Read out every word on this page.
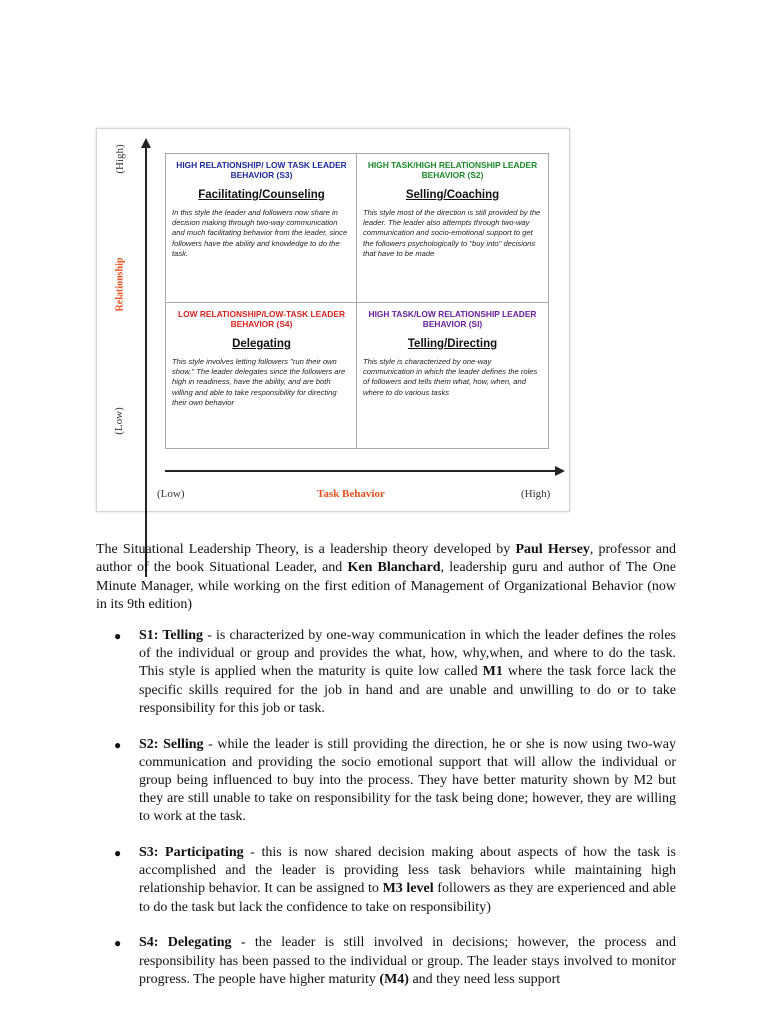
(High)
Relationship
(Low)
(Low)	Task Behavior	(High)
HIGH RELATIONSHIP/ LOW TASK LEADER BEHAVIOR (S3)
Facilitating/Counseling
In this style the leader and followers now share in decision making through two-way communication and much facilitating behavior from the leader, since followers have the ability and knowledge to do the task.
HIGH TASK/HIGH RELATIONSHIP LEADER BEHAVIOR (S2)
Selling/Coaching
This style most of the direction is still provided by the leader. The leader also attempts through two-way communication and socio-emotional support to get the followers psychologically to "buy into" decisions that have to be made
LOW RELATIONSHIP/LOW-TASK LEADER BEHAVIOR (S4)
Delegating
This style involves letting followers "run their own show." The leader delegates since the followers are high in readiness, have the ability, and are both willing and able to take responsibility for directing their own behavior
HIGH TASK/LOW RELATIONSHIP LEADER BEHAVIOR (SI)
Telling/Directing
This style is characterized by one-way communication in which the leader defines the roles of followers and tells them what, how, when, and where to do various tasks

The Situational Leadership Theory, is a leadership theory developed by Paul Hersey, professor and author of the book Situational Leader, and Ken Blanchard, leadership guru and author of The One Minute Manager, while working on the first edition of Management of Organizational Behavior (now in its 9th edition)

● S1: Telling - is characterized by one-way communication in which the leader defines the roles of the individual or group and provides the what, how, why,when, and where to do the task. This style is applied when the maturity is quite low called M1 where the task force lack the specific skills required for the job in hand and are unable and unwilling to do or to take responsibility for this job or task.
● S2: Selling - while the leader is still providing the direction, he or she is now using two-way communication and providing the socio emotional support that will allow the individual or group being influenced to buy into the process. They have better maturity shown by M2 but they are still unable to take on responsibility for the task being done; however, they are willing to work at the task.
● S3: Participating - this is now shared decision making about aspects of how the task is accomplished and the leader is providing less task behaviors while maintaining high relationship behavior. It can be assigned to M3 level followers as they are experienced and able to do the task but lack the confidence to take on responsibility)
● S4: Delegating - the leader is still involved in decisions; however, the process and responsibility has been passed to the individual or group. The leader stays involved to monitor progress. The people have higher maturity (M4) and they need less support
